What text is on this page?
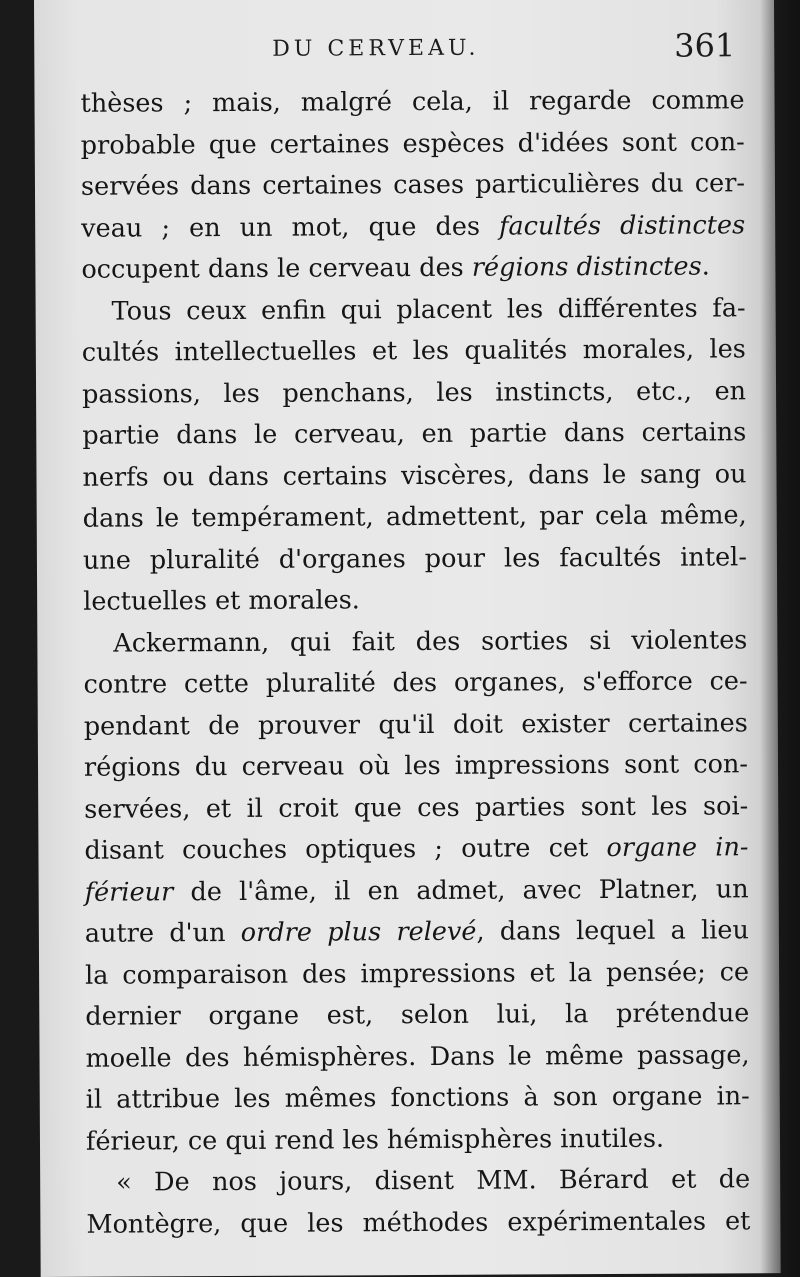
DU CERVEAU.	361
thèses ; mais, malgré cela, il regarde comme
probable que certaines espèces d'idées sont con-
servées dans certaines cases particulières du cer-
veau ; en un mot, que des facultés distinctes
occupent dans le cerveau des régions distinctes.
Tous ceux enfin qui placent les différentes fa-
cultés intellectuelles et les qualités morales, les
passions, les penchans, les instincts, etc., en
partie dans le cerveau, en partie dans certains
nerfs ou dans certains viscères, dans le sang ou
dans le tempérament, admettent, par cela même,
une pluralité d'organes pour les facultés intel-
lectuelles et morales.
Ackermann, qui fait des sorties si violentes
contre cette pluralité des organes, s'efforce ce-
pendant de prouver qu'il doit exister certaines
régions du cerveau où les impressions sont con-
servées, et il croit que ces parties sont les soi-
disant couches optiques ; outre cet organe in-
férieur de l'âme, il en admet, avec Platner, un
autre d'un ordre plus relevé, dans lequel a lieu
la comparaison des impressions et la pensée; ce
dernier organe est, selon lui, la prétendue
moelle des hémisphères. Dans le même passage,
il attribue les mêmes fonctions à son organe in-
férieur, ce qui rend les hémisphères inutiles.
« De nos jours, disent MM. Bérard et de
Montègre, que les méthodes expérimentales et
